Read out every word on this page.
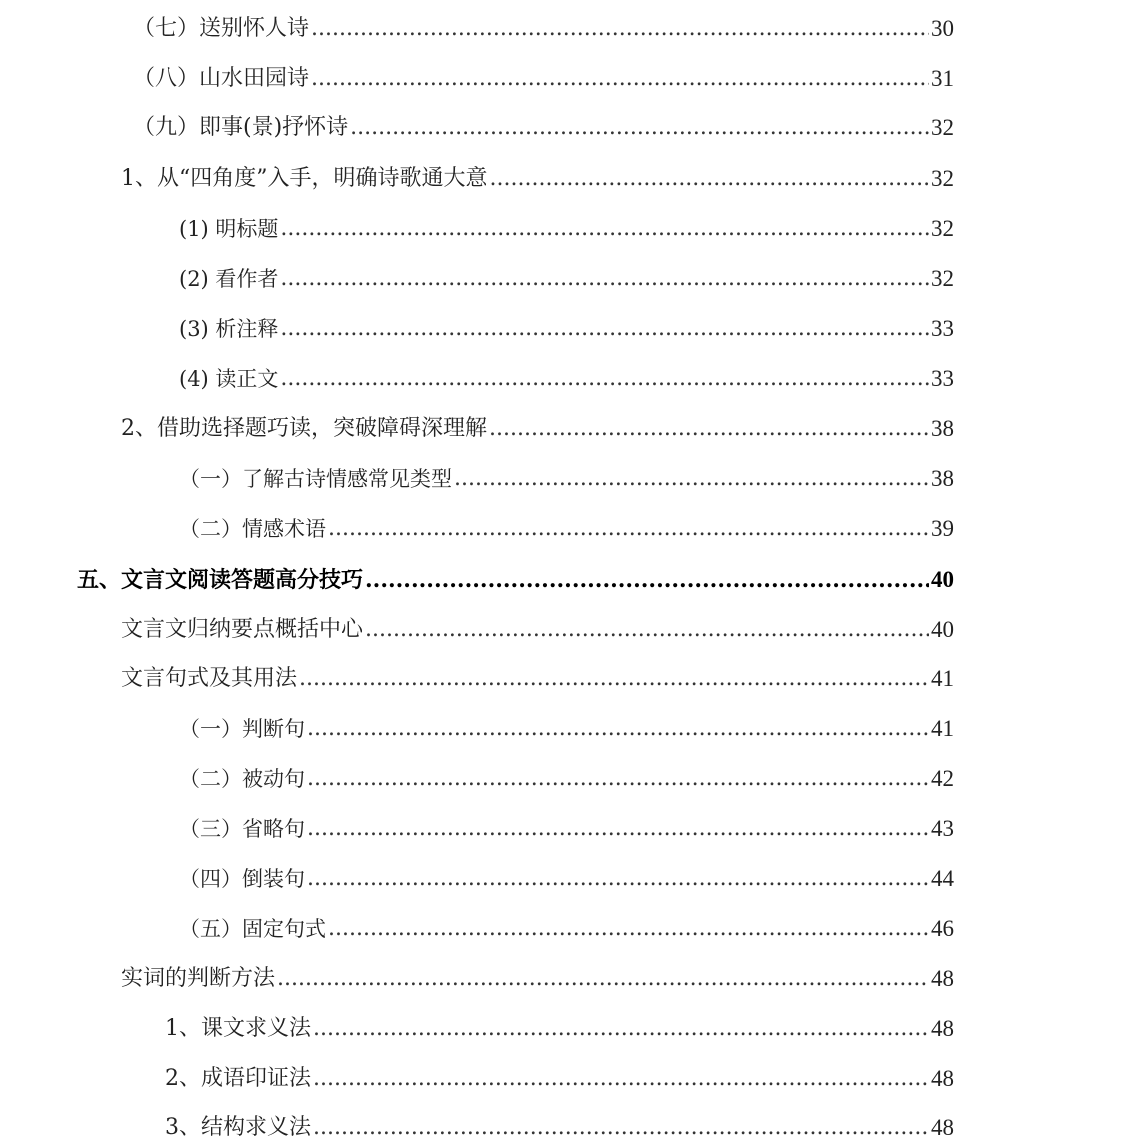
（七）送别怀人诗 .....	30
（八）山水田园诗 .....	31
（九）即事(景)抒怀诗 .....	32
1、从“四角度”入手，明确诗歌通大意 .....	32
(1) 明标题 .....	32
(2) 看作者 .....	32
(3) 析注释 .....	33
(4) 读正文 .....	33
2、借助选择题巧读，突破障碍深理解 .....	38
（一）了解古诗情感常见类型 .....	38
（二）情感术语 .....	39
五、文言文阅读答题高分技巧 .....	40
文言文归纳要点概括中心 .....	40
文言句式及其用法 .....	41
（一）判断句 .....	41
（二）被动句 .....	42
（三）省略句 .....	43
（四）倒装句 .....	44
（五）固定句式 .....	46
实词的判断方法 .....	48
1、课文求义法 .....	48
2、成语印证法 .....	48
3、结构求义法 .....	48
